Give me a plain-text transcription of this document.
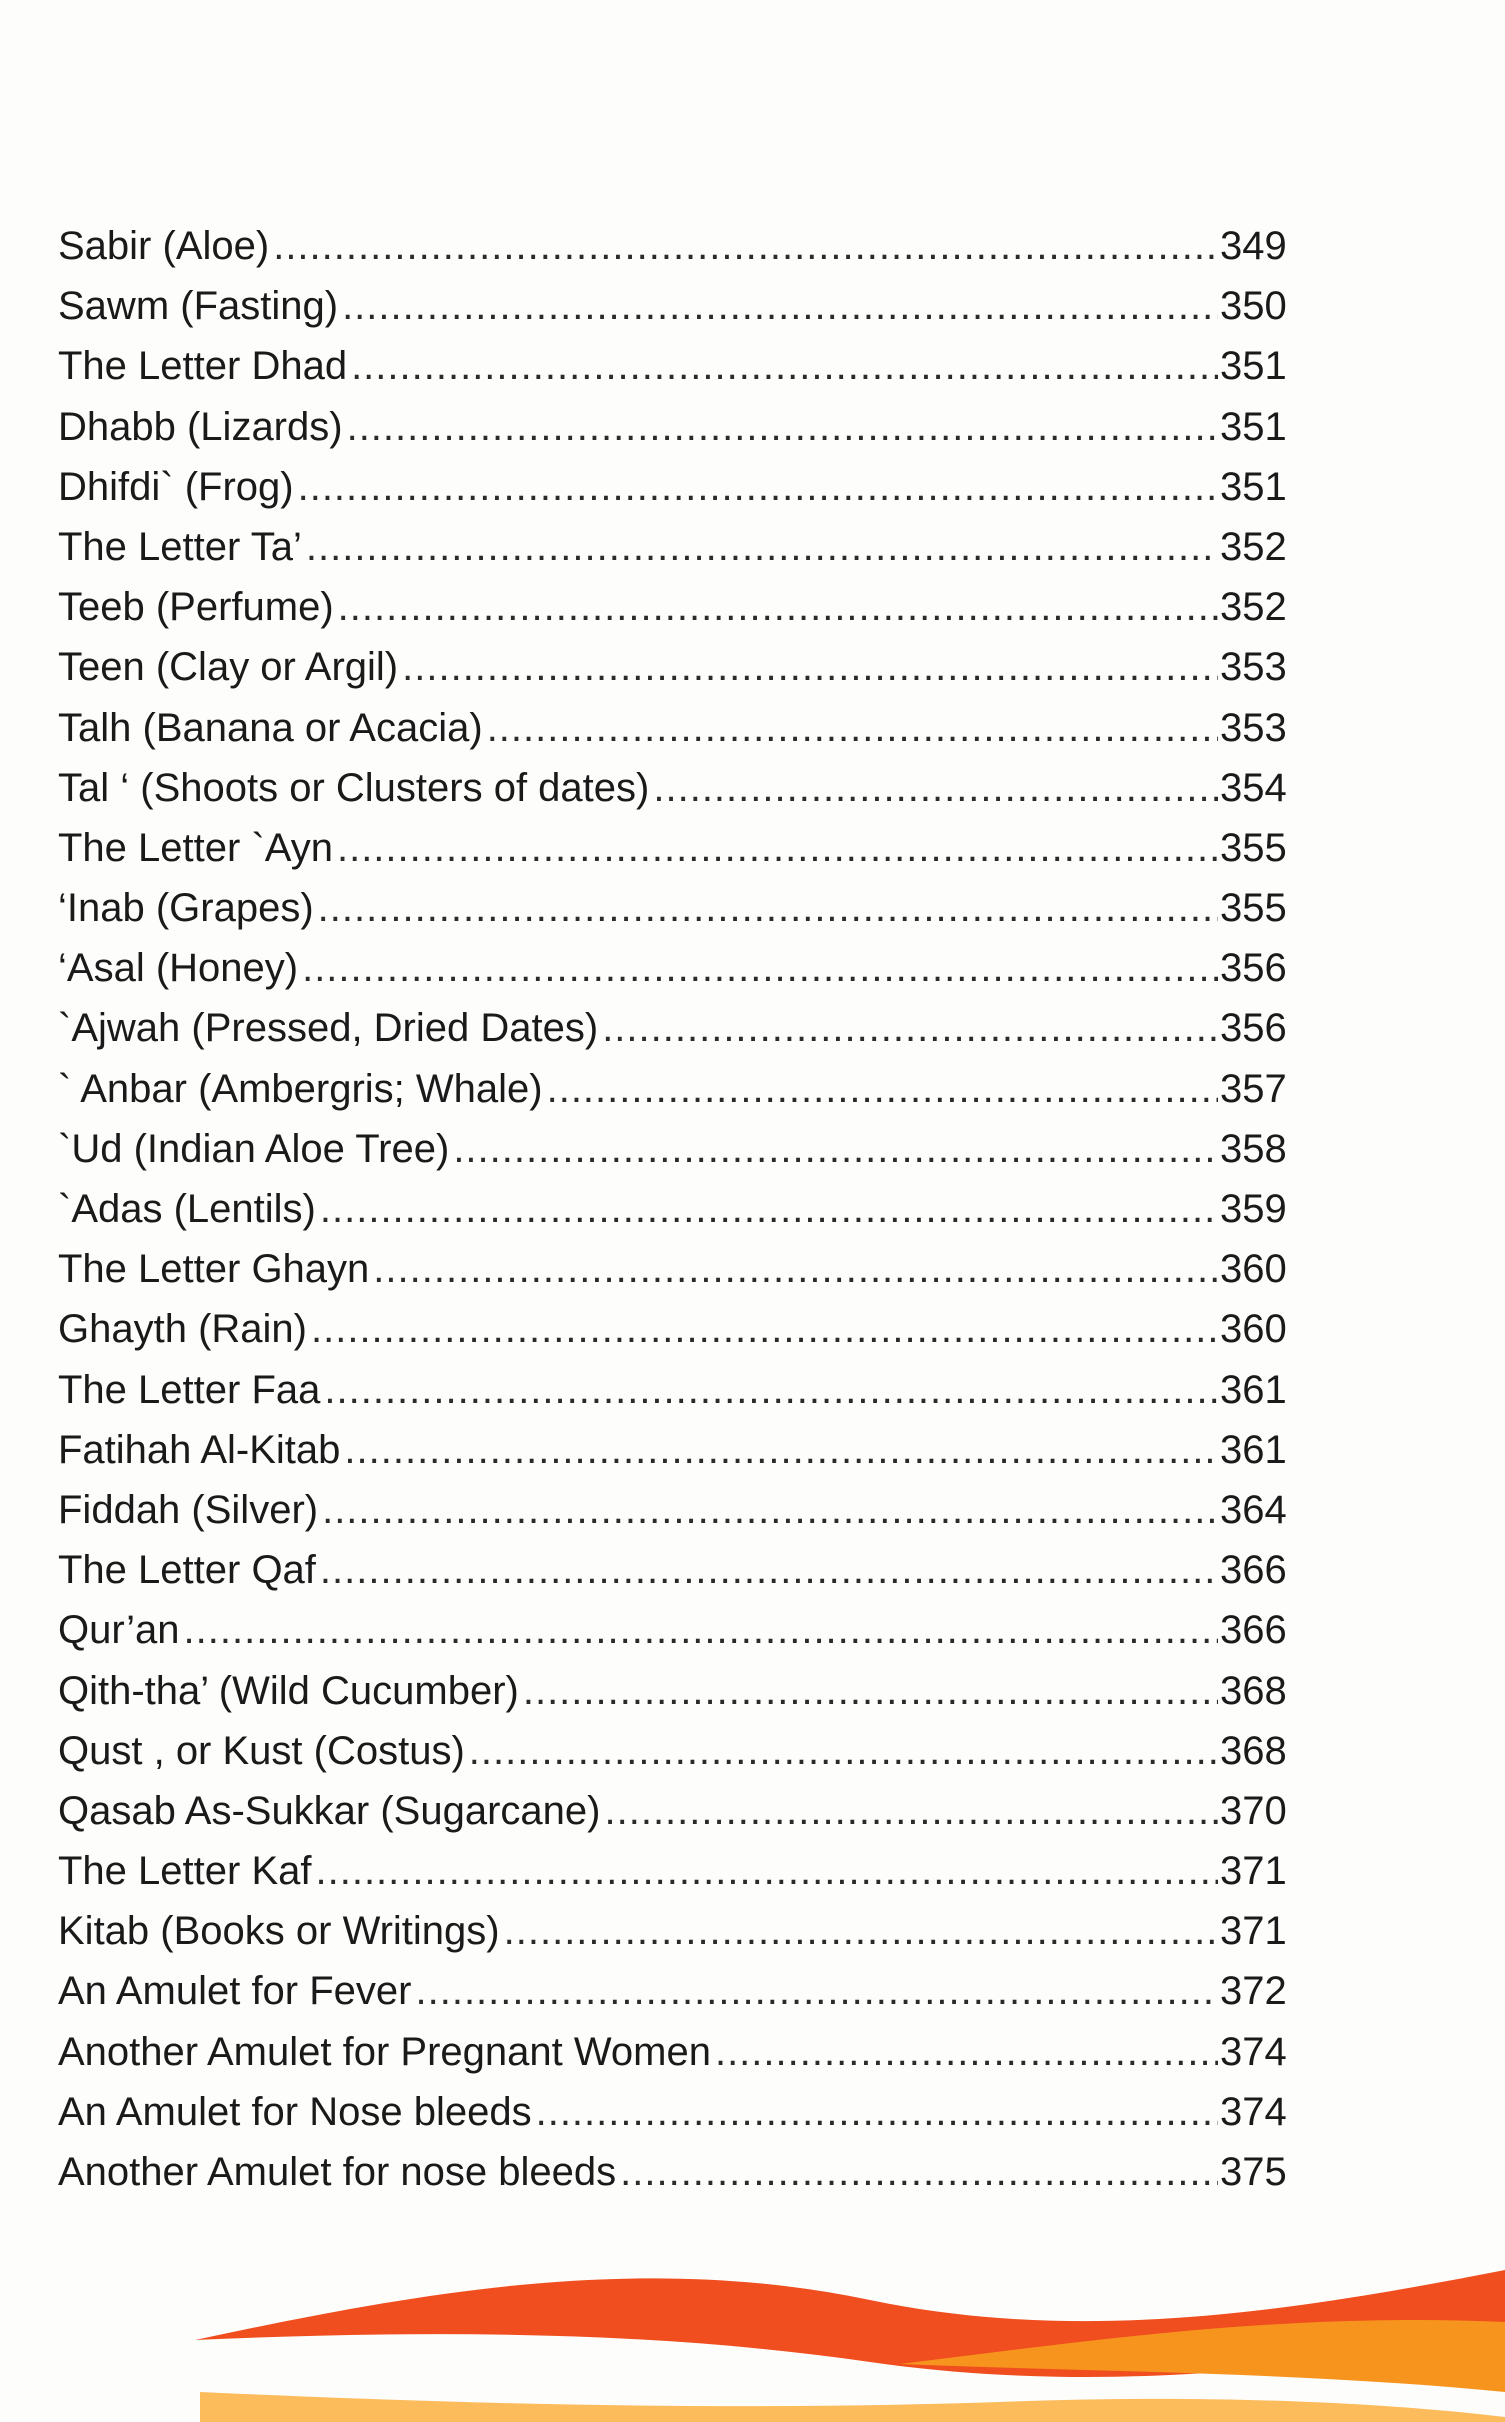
Sabir (Aloe) .....	349
Sawm (Fasting) .....	350
The Letter Dhad .....	351
Dhabb (Lizards) .....	351
Dhifdi` (Frog) .....	351
The Letter Ta’ .....	352
Teeb (Perfume) .....	352
Teen (Clay or Argil) .....	353
Talh (Banana or Acacia) .....	353
Tal ‘ (Shoots or Clusters of dates) .....	354
The Letter `Ayn .....	355
‘Inab (Grapes) .....	355
‘Asal (Honey) .....	356
`Ajwah (Pressed, Dried Dates) .....	356
` Anbar (Ambergris; Whale) .....	357
`Ud (Indian Aloe Tree) .....	358
`Adas (Lentils) .....	359
The Letter Ghayn .....	360
Ghayth (Rain) .....	360
The Letter Faa .....	361
Fatihah Al-Kitab .....	361
Fiddah (Silver) .....	364
The Letter Qaf .....	366
Qur’an .....	366
Qith-tha’ (Wild Cucumber) .....	368
Qust , or Kust (Costus) .....	368
Qasab As-Sukkar (Sugarcane) .....	370
The Letter Kaf .....	371
Kitab (Books or Writings) .....	371
An Amulet for Fever .....	372
Another Amulet for Pregnant Women .....	374
An Amulet for Nose bleeds .....	374
Another Amulet for nose bleeds .....	375
